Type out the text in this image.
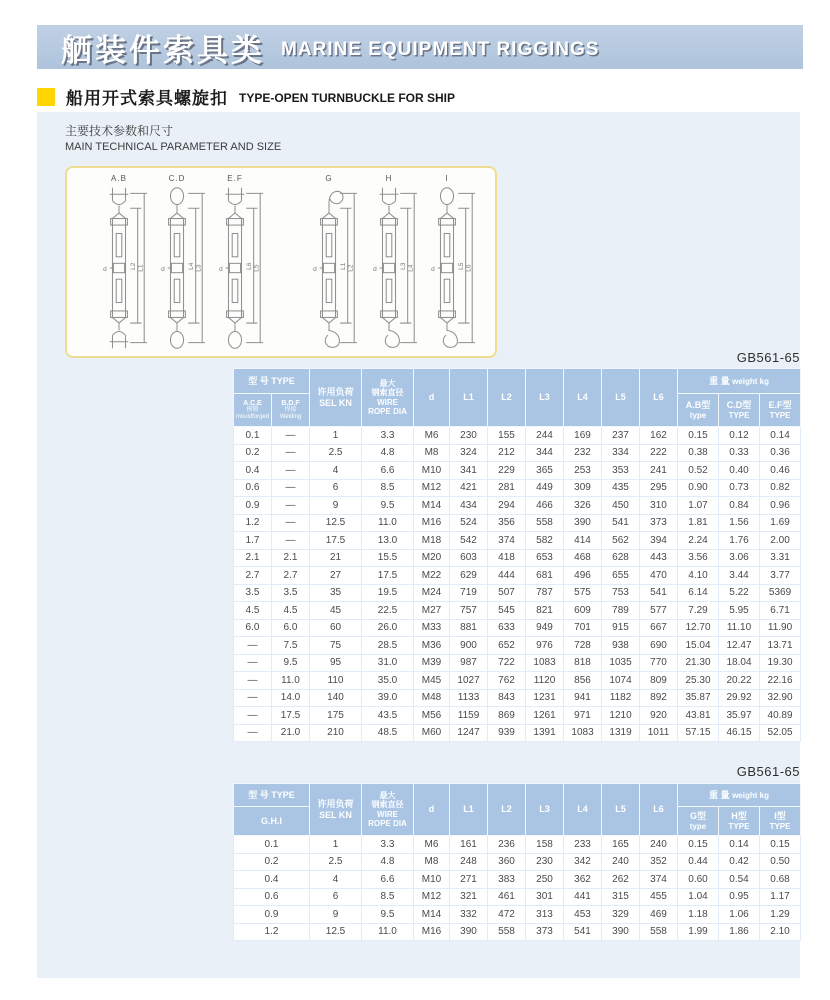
舾装件索具类 MARINE EQUIPMENT RIGGINGS
船用开式索具螺旋扣 TYPE-OPEN TURNBUCKLE FOR SHIP
主要技术参数和尺寸
MAIN TECHNICAL PARAMETER AND SIZE
A.B
L2 L1
d
C.D
L4 L3
d
E.F
L6 L5
d
G
L1 L2
d
H
L3 L4
d
I
L5 L6
d
GB561-65
型 号 TYPE	
许用负荷
SEL KN

最大
钢索直径
WIRE
ROPE DIA
	d	L1	L2	L3	L4	L5	L6	重 量 weight kg

A.C.E
模锻
mouldforged

B.D.F
焊接
Welding

A.B型
type

C.D型
TYPE

E.F型
TYPE

0.1	—	1	3.3	M6	230	155	244	169	237	162	0.15	0.12	0.14
0.2	—	2.5	4.8	M8	324	212	344	232	334	222	0.38	0.33	0.36
0.4	—	4	6.6	M10	341	229	365	253	353	241	0.52	0.40	0.46
0.6	—	6	8.5	M12	421	281	449	309	435	295	0.90	0.73	0.82
0.9	—	9	9.5	M14	434	294	466	326	450	310	1.07	0.84	0.96
1.2	—	12.5	11.0	M16	524	356	558	390	541	373	1.81	1.56	1.69
1.7	—	17.5	13.0	M18	542	374	582	414	562	394	2.24	1.76	2.00
2.1	2.1	21	15.5	M20	603	418	653	468	628	443	3.56	3.06	3.31
2.7	2.7	27	17.5	M22	629	444	681	496	655	470	4.10	3.44	3.77
3.5	3.5	35	19.5	M24	719	507	787	575	753	541	6.14	5.22	5369
4.5	4.5	45	22.5	M27	757	545	821	609	789	577	7.29	5.95	6.71
6.0	6.0	60	26.0	M33	881	633	949	701	915	667	12.70	11.10	11.90
—	7.5	75	28.5	M36	900	652	976	728	938	690	15.04	12.47	13.71
—	9.5	95	31.0	M39	987	722	1083	818	1035	770	21.30	18.04	19.30
—	11.0	110	35.0	M45	1027	762	1120	856	1074	809	25.30	20.22	22.16
—	14.0	140	39.0	M48	1133	843	1231	941	1182	892	35.87	29.92	32.90
—	17.5	175	43.5	M56	1159	869	1261	971	1210	920	43.81	35.97	40.89
—	21.0	210	48.5	M60	1247	939	1391	1083	1319	1011	57.15	46.15	52.05
GB561-65
型 号 TYPE	
许用负荷
SEL KN

最大
钢索直径
WIRE
ROPE DIA
	d	L1	L2	L3	L4	L5	L6	重 量 weight kg
G.H.I	G型
type

H型
TYPE

I型
TYPE

0.1	1	3.3	M6	161	236	158	233	165	240	0.15	0.14	0.15
0.2	2.5	4.8	M8	248	360	230	342	240	352	0.44	0.42	0.50
0.4	4	6.6	M10	271	383	250	362	262	374	0.60	0.54	0.68
0.6	6	8.5	M12	321	461	301	441	315	455	1.04	0.95	1.17
0.9	9	9.5	M14	332	472	313	453	329	469	1.18	1.06	1.29
1.2	12.5	11.0	M16	390	558	373	541	390	558	1.99	1.86	2.10
